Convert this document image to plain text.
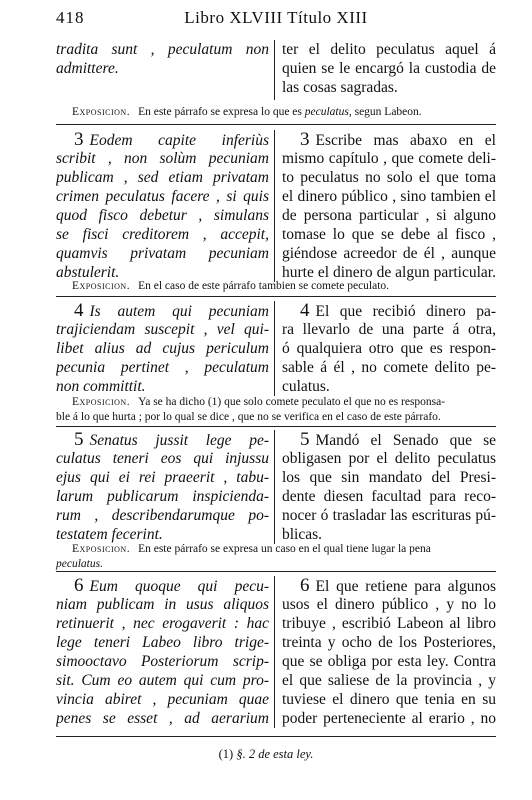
418	Libro XLVIII Título XIII
tradita sunt , peculatum non
admittere.
ter el delito peculatus aquel á
quien se le encargó la custodia de
las cosas sagradas.
Exposicion. En este párrafo se expresa lo que es peculatus, segun Labeon.
3 Eodem capite inferiùs
scribit , non solùm pecuniam
publicam , sed etiam privatam
crimen peculatus facere , si quis
quod fisco debetur , simulans
se fisci creditorem , accepit,
quamvis privatam pecuniam
abstulerit.
3 Escribe mas abaxo en el
mismo capítulo , que comete deli-
to peculatus no solo el que toma
el dinero público , sino tambien el
de persona particular , si alguno
tomase lo que se debe al fisco ,
giéndose acreedor de él , aunque
hurte el dinero de algun particular.
Exposicion. En el caso de este párrafo tambien se comete peculato.
4 Is autem qui pecuniam
trajiciendam suscepit , vel qui-
libet alius ad cujus periculum
pecunia pertinet , peculatum
non committit.
4 El que recibió dinero pa-
ra llevarlo de una parte á otra,
ó qualquiera otro que es respon-
sable á él , no comete delito pe-
culatus.
Exposicion. Ya se ha dicho (1) que solo comete peculato el que no es responsa-
ble á lo que hurta ; por lo qual se dice , que no se verifica en el caso de este párrafo.
5 Senatus jussit lege pe-
culatus teneri eos qui injussu
ejus qui ei rei praeerit , tabu-
larum publicarum inspicienda-
rum , describendarumque po-
testatem fecerint.
5 Mandó el Senado que se
obligasen por el delito peculatus
los que sin mandato del Presi-
dente diesen facultad para reco-
nocer ó trasladar las escrituras pú-
blicas.
Exposicion. En este párrafo se expresa un caso en el qual tiene lugar la pena
peculatus.
6 Eum quoque qui pecu-
niam publicam in usus aliquos
retinuerit , nec erogaverit : hac
lege teneri Labeo libro trige-
simooctavo Posteriorum scrip-
sit. Cum eo autem qui cum pro-
vincia abiret , pecuniam quae
penes se esset , ad aerarium
6 El que retiene para algunos
usos el dinero público , y no lo
tribuye , escribió Labeon al libro
treinta y ocho de los Posteriores,
que se obliga por esta ley. Contra
el que saliese de la provincia , y
tuviese el dinero que tenia en su
poder perteneciente al erario , no
(1) §. 2 de esta ley.
